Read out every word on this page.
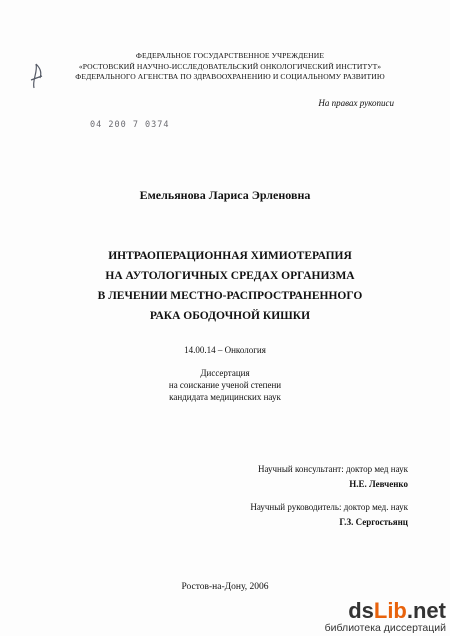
ФЕДЕРАЛЬНОЕ ГОСУДАРСТВЕННОЕ УЧРЕЖДЕНИЕ
«РОСТОВСКИЙ НАУЧНО-ИССЛЕДОВАТЕЛЬСКИЙ ОНКОЛОГИЧЕСКИЙ ИНСТИТУТ»
ФЕДЕРАЛЬНОГО АГЕНСТВА ПО ЗДРАВООХРАНЕНИЮ И СОЦИАЛЬНОМУ РАЗВИТИЮ
На правах рукописи
04 200 7 0374
Емельянова Лариса Эрленовна
ИНТРАОПЕРАЦИОННАЯ ХИМИОТЕРАПИЯ
НА АУТОЛОГИЧНЫХ СРЕДАХ ОРГАНИЗМА
В ЛЕЧЕНИИ МЕСТНО-РАСПРОСТРАНЕННОГО
РАКА ОБОДОЧНОЙ КИШКИ
14.00.14 – Онкология
Диссертация
на соискание ученой степени
кандидата медицинских наук
Научный консультант: доктор мед наук
Н.Е. Левченко
Научный руководитель: доктор мед. наук
Г.З. Сергостьянц
Ростов-на-Дону, 2006
dsLib.net
библиотека диссертаций
